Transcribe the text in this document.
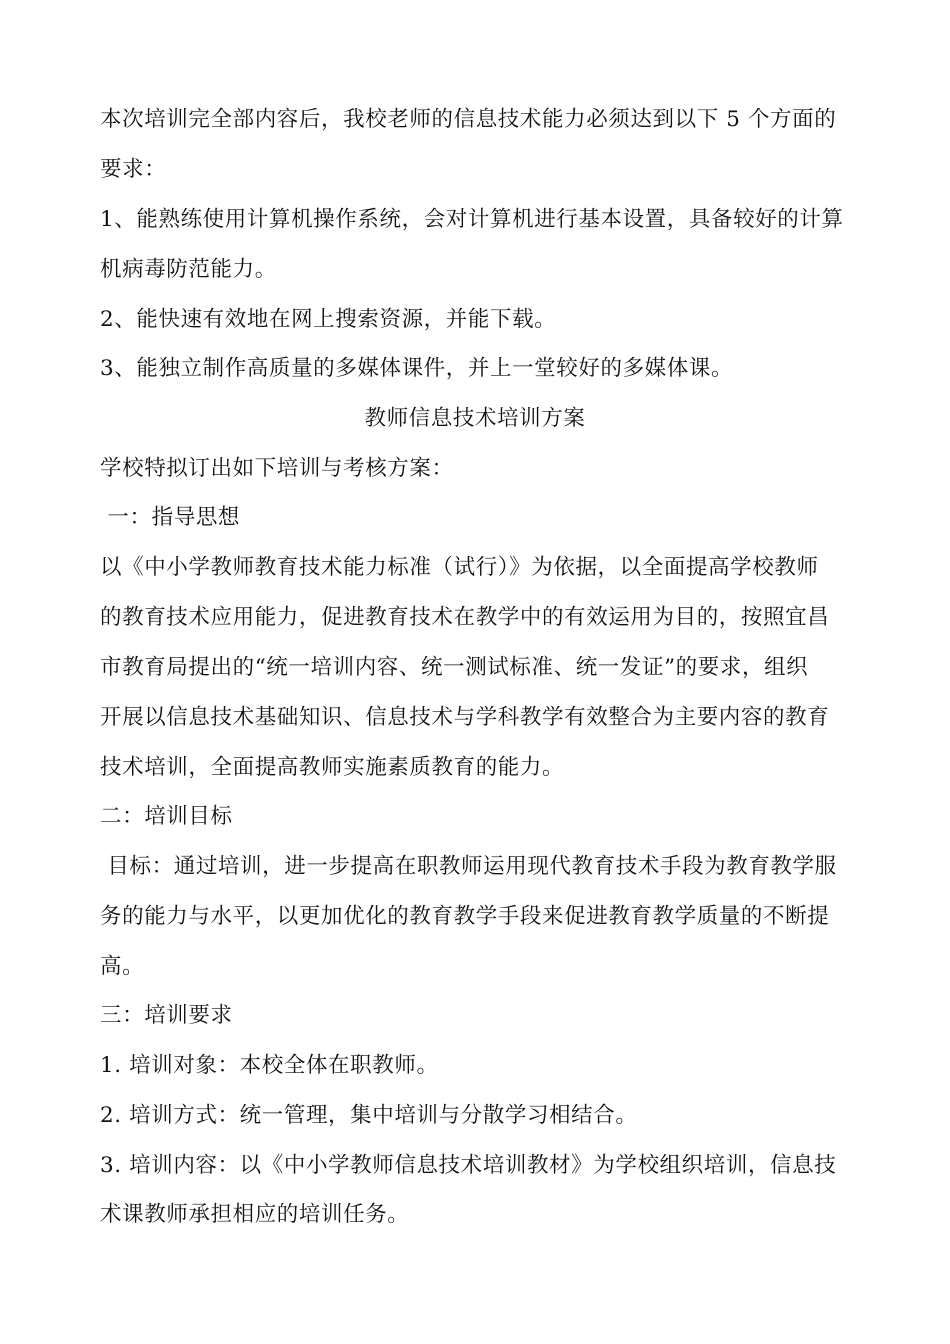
本次培训完全部内容后，我校老师的信息技术能力必须达到以下 5 个方面的
要求：
1、能熟练使用计算机操作系统，会对计算机进行基本设置，具备较好的计算
机病毒防范能力。
2、能快速有效地在网上搜索资源，并能下载。
3、能独立制作高质量的多媒体课件，并上一堂较好的多媒体课。
教师信息技术培训方案
学校特拟订出如下培训与考核方案：
一：指导思想
以《中小学教师教育技术能力标准（试行）》为依据，以全面提高学校教师
的教育技术应用能力，促进教育技术在教学中的有效运用为目的，按照宜昌
市教育局提出的“统一培训内容、统一测试标准、统一发证”的要求，组织
开展以信息技术基础知识、信息技术与学科教学有效整合为主要内容的教育
技术培训，全面提高教师实施素质教育的能力。
二：培训目标
目标：通过培训，进一步提高在职教师运用现代教育技术手段为教育教学服
务的能力与水平，以更加优化的教育教学手段来促进教育教学质量的不断提
高。
三：培训要求
1. 培训对象：本校全体在职教师。
2. 培训方式：统一管理，集中培训与分散学习相结合。
3. 培训内容：以《中小学教师信息技术培训教材》为学校组织培训，信息技
术课教师承担相应的培训任务。
